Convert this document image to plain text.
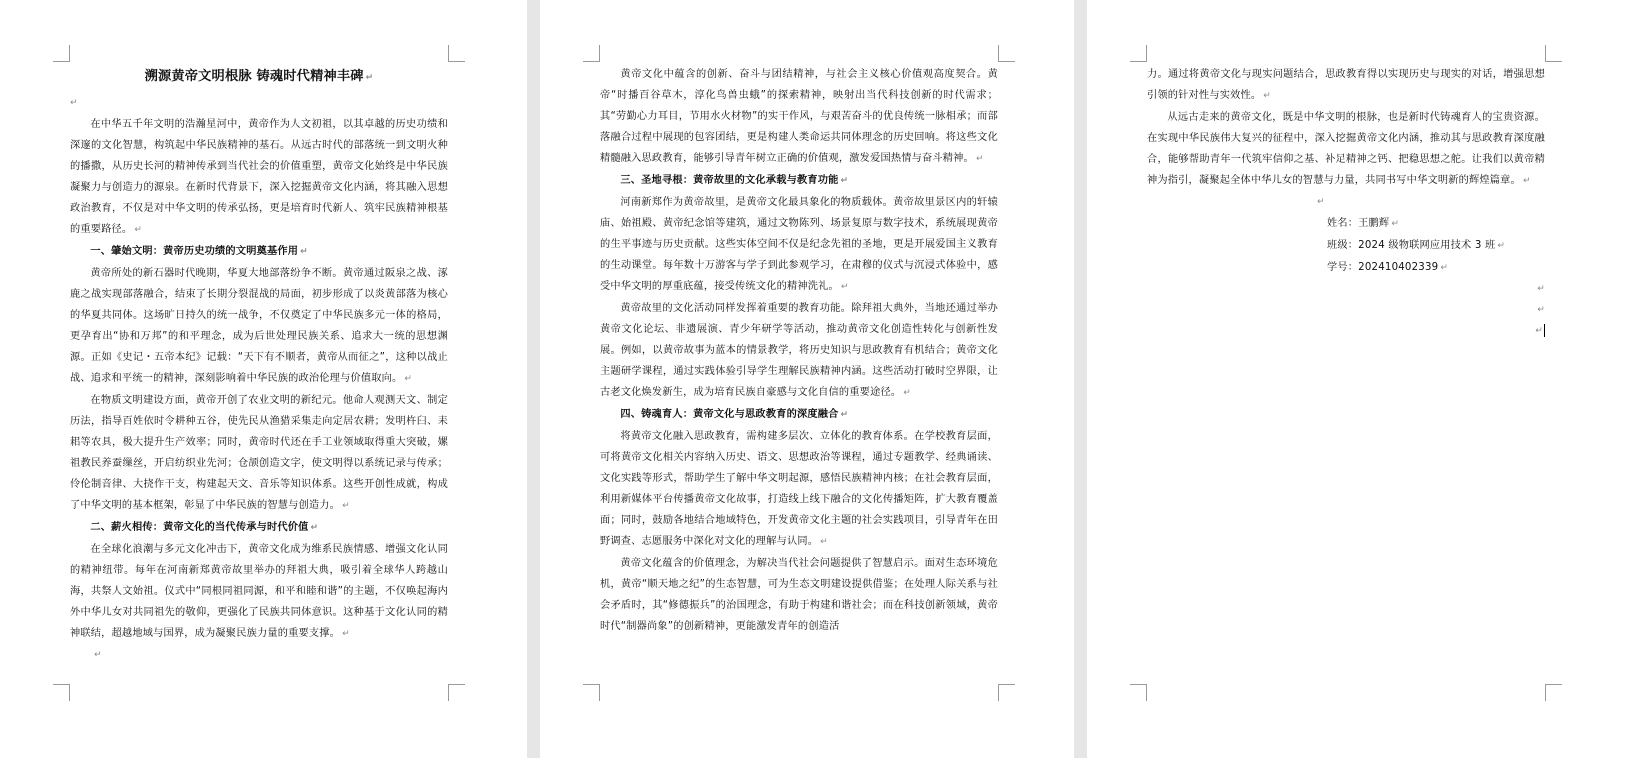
溯源黄帝文明根脉 铸魂时代精神丰碑 ↵
↵

在中华五千年文明的浩瀚星河中，黄帝作为人文初祖，以其卓越的历史功绩和深邃的文化智慧，构筑起中华民族精神的基石。从远古时代的部落统一到文明火种的播撒，从历史长河的精神传承到当代社会的价值重塑，黄帝文化始终是中华民族凝聚力与创造力的源泉。在新时代背景下，深入挖掘黄帝文化内涵，将其融入思想政治教育，不仅是对中华文明的传承弘扬，更是培育时代新人、筑牢民族精神根基的重要路径。 ↵

一、肇始文明：黄帝历史功绩的文明奠基作用 ↵

黄帝所处的新石器时代晚期，华夏大地部落纷争不断。黄帝通过阪泉之战、涿鹿之战实现部落融合，结束了长期分裂混战的局面，初步形成了以炎黄部落为核心的华夏共同体。这场旷日持久的统一战争，不仅奠定了中华民族多元一体的格局，更孕育出“协和万邦”的和平理念，成为后世处理民族关系、追求大一统的思想渊源。正如《史记・五帝本纪》记载：“天下有不顺者，黄帝从而征之”，这种以战止战、追求和平统一的精神，深刻影响着中华民族的政治伦理与价值取向。 ↵

在物质文明建设方面，黄帝开创了农业文明的新纪元。他命人观测天文、制定历法，指导百姓依时令耕种五谷，使先民从渔猎采集走向定居农耕；发明杵臼、耒耜等农具，极大提升生产效率；同时，黄帝时代还在手工业领域取得重大突破，嫘祖教民养蚕缫丝，开启纺织业先河；仓颉创造文字，使文明得以系统记录与传承；伶伦制音律、大挠作干支，构建起天文、音乐等知识体系。这些开创性成就，构成了中华文明的基本框架，彰显了中华民族的智慧与创造力。 ↵

二、薪火相传：黄帝文化的当代传承与时代价值 ↵

在全球化浪潮与多元文化冲击下，黄帝文化成为维系民族情感、增强文化认同的精神纽带。每年在河南新郑黄帝故里举办的拜祖大典，吸引着全球华人跨越山海，共祭人文始祖。仪式中“同根同祖同源，和平和睦和谐”的主题，不仅唤起海内外中华儿女对共同祖先的敬仰，更强化了民族共同体意识。这种基于文化认同的精神联结，超越地域与国界，成为凝聚民族力量的重要支撑。 ↵

↵

黄帝文化中蕴含的创新、奋斗与团结精神，与社会主义核心价值观高度契合。黄帝“时播百谷草木，淳化鸟兽虫蛾”的探索精神，映射出当代科技创新的时代需求；其“劳勤心力耳目，节用水火材物”的实干作风，与艰苦奋斗的优良传统一脉相承；而部落融合过程中展现的包容团结，更是构建人类命运共同体理念的历史回响。将这些文化精髓融入思政教育，能够引导青年树立正确的价值观，激发爱国热情与奋斗精神。 ↵

三、圣地寻根：黄帝故里的文化承载与教育功能 ↵

河南新郑作为黄帝故里，是黄帝文化最具象化的物质载体。黄帝故里景区内的轩辕庙、始祖殿、黄帝纪念馆等建筑，通过文物陈列、场景复原与数字技术，系统展现黄帝的生平事迹与历史贡献。这些实体空间不仅是纪念先祖的圣地，更是开展爱国主义教育的生动课堂。每年数十万游客与学子到此参观学习，在肃穆的仪式与沉浸式体验中，感受中华文明的厚重底蕴，接受传统文化的精神洗礼。 ↵

黄帝故里的文化活动同样发挥着重要的教育功能。除拜祖大典外，当地还通过举办黄帝文化论坛、非遗展演、青少年研学等活动，推动黄帝文化创造性转化与创新性发展。例如，以黄帝故事为蓝本的情景教学，将历史知识与思政教育有机结合；黄帝文化主题研学课程，通过实践体验引导学生理解民族精神内涵。这些活动打破时空界限，让古老文化焕发新生，成为培育民族自豪感与文化自信的重要途径。 ↵

四、铸魂育人：黄帝文化与思政教育的深度融合 ↵

将黄帝文化融入思政教育，需构建多层次、立体化的教育体系。在学校教育层面，可将黄帝文化相关内容纳入历史、语文、思想政治等课程，通过专题教学、经典诵读、文化实践等形式，帮助学生了解中华文明起源，感悟民族精神内核；在社会教育层面，利用新媒体平台传播黄帝文化故事，打造线上线下融合的文化传播矩阵，扩大教育覆盖面；同时，鼓励各地结合地域特色，开发黄帝文化主题的社会实践项目，引导青年在田野调查、志愿服务中深化对文化的理解与认同。 ↵

黄帝文化蕴含的价值理念，为解决当代社会问题提供了智慧启示。面对生态环境危机，黄帝“顺天地之纪”的生态智慧，可为生态文明建设提供借鉴；在处理人际关系与社会矛盾时，其“修德振兵”的治国理念，有助于构建和谐社会；而在科技创新领域，黄帝时代“制器尚象”的创新精神，更能激发青年的创造活

力。通过将黄帝文化与现实问题结合，思政教育得以实现历史与现实的对话，增强思想引领的针对性与实效性。 ↵

从远古走来的黄帝文化，既是中华文明的根脉，也是新时代铸魂育人的宝贵资源。在实现中华民族伟大复兴的征程中，深入挖掘黄帝文化内涵，推动其与思政教育深度融合，能够帮助青年一代筑牢信仰之基、补足精神之钙、把稳思想之舵。让我们以黄帝精神为指引，凝聚起全体中华儿女的智慧与力量，共同书写中华文明新的辉煌篇章。 ↵

↵

姓名：王鹏辉 ↵

班级：2024 级物联网应用技术 3 班 ↵

学号：202410402339 ↵

↵
↵
↵
